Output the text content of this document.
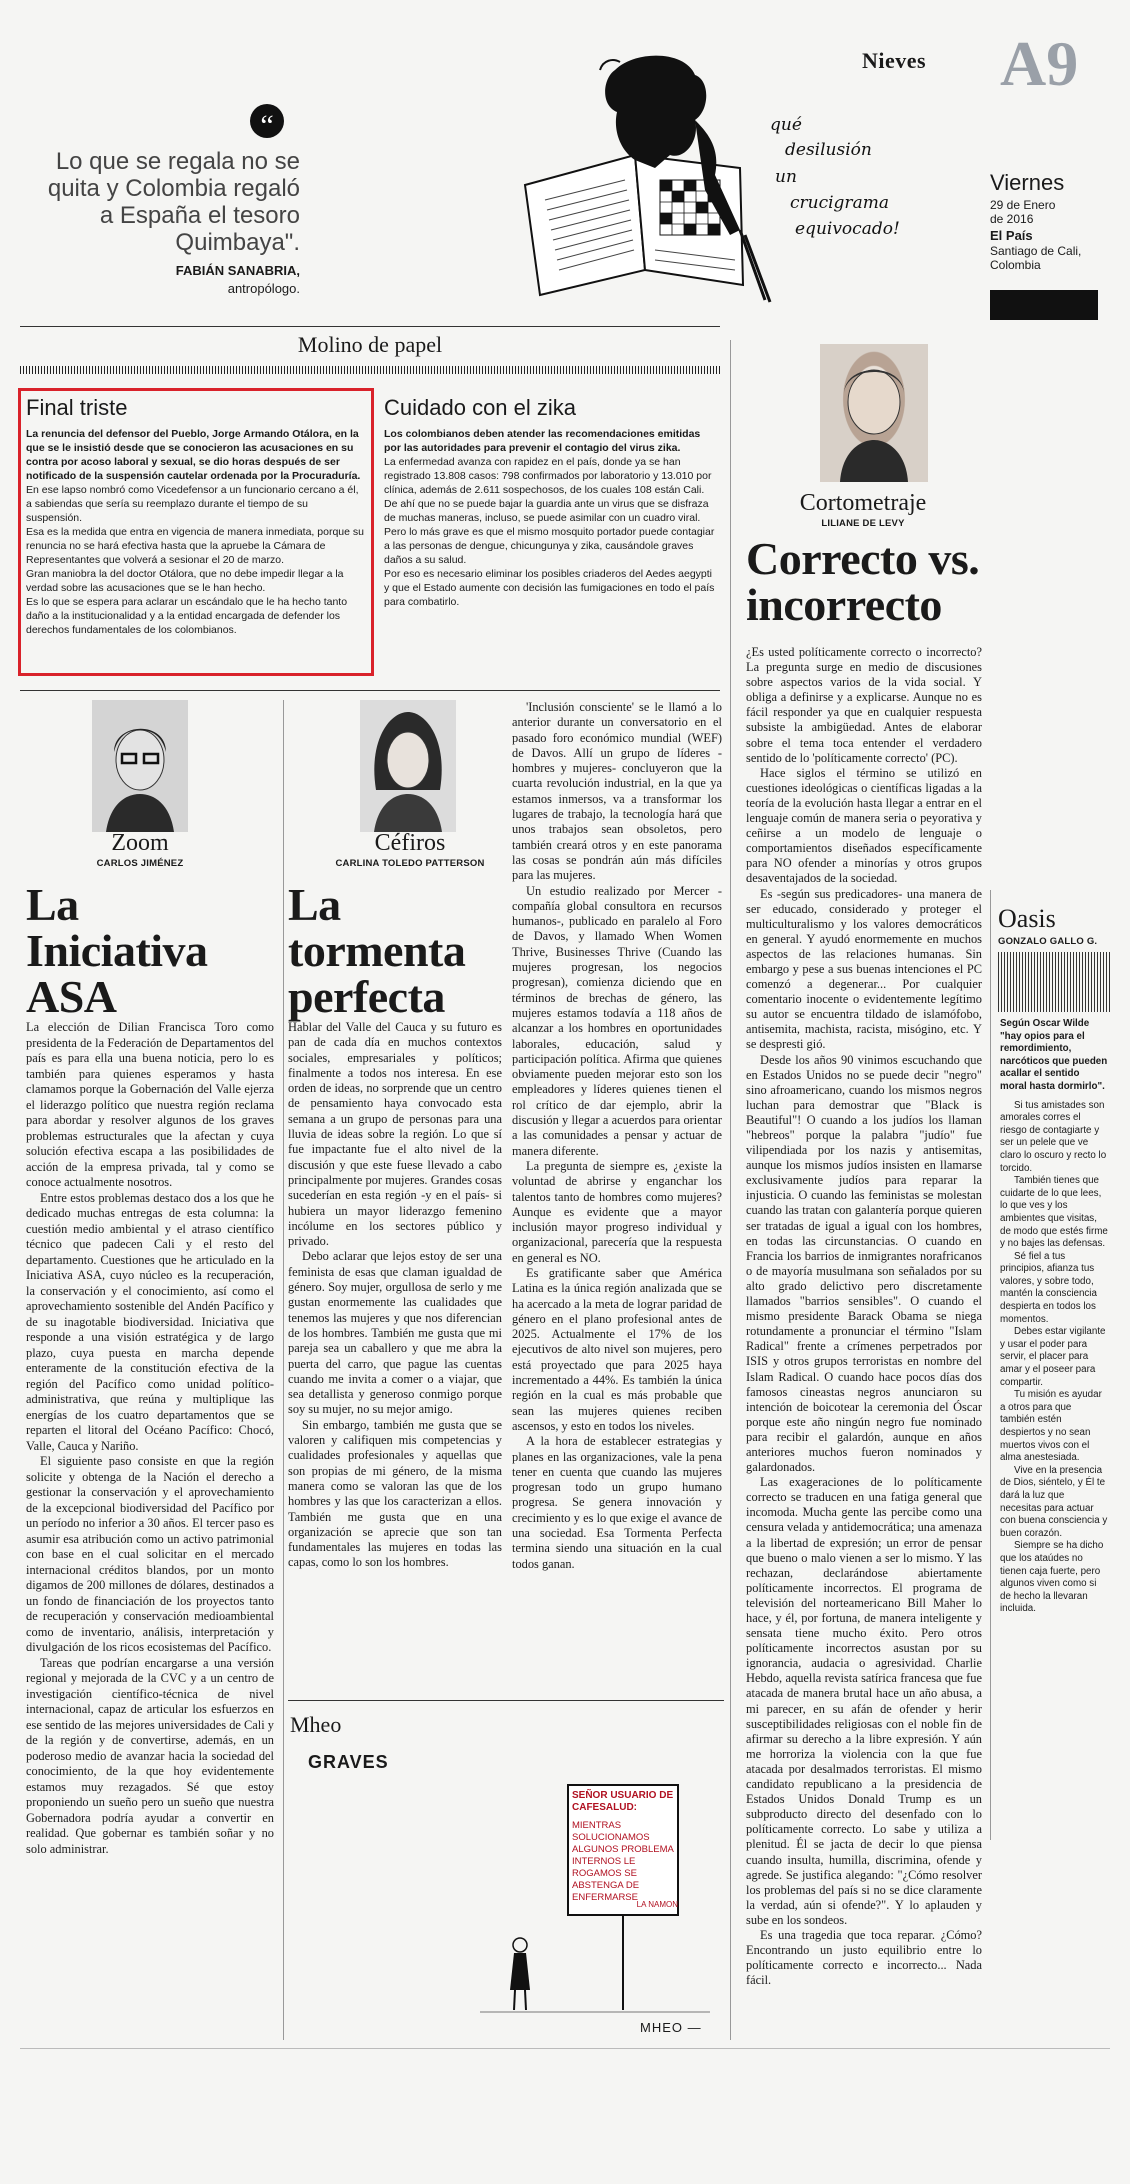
“
Lo que se regala no se quita y Colombia regaló a España el tesoro Quimbaya".
FABIÁN SANABRIA,
antropólogo.
qué
desilusión
un
crucigrama
equivocado!
Nieves A9
Viernes
29 de Enero
de 2016
El País
Santiago de Cali,
Colombia
Molino de papel
Final triste
La renuncia del defensor del Pueblo, Jorge Armando Otálora, en la que se le insistió desde que se conocieron las acusaciones en su contra por acoso laboral y sexual, se dio horas después de ser notificado de la suspensión cautelar ordenada por la Procuraduría.
En ese lapso nombró como Vicedefensor a un funcionario cercano a él, a sabiendas que sería su reemplazo durante el tiempo de su suspensión.
Esa es la medida que entra en vigencia de manera inmediata, porque su renuncia no se hará efectiva hasta que la apruebe la Cámara de Representantes que volverá a sesionar el 20 de marzo.
Gran maniobra la del doctor Otálora, que no debe impedir llegar a la verdad sobre las acusaciones que se le han hecho.
Es lo que se espera para aclarar un escándalo que le ha hecho tanto daño a la institucionalidad y a la entidad encargada de defender los derechos fundamentales de los colombianos.
Cuidado con el zika
Los colombianos deben atender las recomendaciones emitidas por las autoridades para prevenir el contagio del virus zika.
La enfermedad avanza con rapidez en el país, donde ya se han registrado 13.808 casos: 798 confirmados por laboratorio y 13.010 por clínica, además de 2.611 sospechosos, de los cuales 108 están Cali.
De ahí que no se puede bajar la guardia ante un virus que se disfraza de muchas maneras, incluso, se puede asimilar con un cuadro viral.
Pero lo más grave es que el mismo mosquito portador puede contagiar a las personas de dengue, chicungunya y zika, causándole graves daños a su salud.
Por eso es necesario eliminar los posibles criaderos del Aedes aegypti y que el Estado aumente con decisión las fumigaciones en todo el país para combatirlo.
Cortometraje
LILIANE DE LEVY
Correcto vs. incorrecto

¿Es usted políticamente correcto o incorrecto? La pregunta surge en medio de discusiones sobre aspectos varios de la vida social. Y obliga a definirse y a explicarse. Aunque no es fácil responder ya que en cualquier respuesta subsiste la ambigüedad. Antes de elaborar sobre el tema toca entender el verdadero sentido de lo 'políticamente correcto' (PC).

Hace siglos el término se utilizó en cuestiones ideológicas o científicas ligadas a la teoría de la evolución hasta llegar a entrar en el lenguaje común de manera seria o peyorativa y ceñirse a un modelo de lenguaje o comportamientos diseñados específicamente para NO ofender a minorías y otros grupos desaventajados de la sociedad.

Es -según sus predicadores- una manera de ser educado, considerado y proteger el multiculturalismo y los valores democráticos en general. Y ayudó enormemente en muchos aspectos de las relaciones humanas. Sin embargo y pese a sus buenas intenciones el PC comenzó a degenerar... Por cualquier comentario inocente o evidentemente legítimo su autor se encuentra tildado de islamófobo, antisemita, machista, racista, misógino, etc. Y se despresti gió.

Desde los años 90 vinimos escuchando que en Estados Unidos no se puede decir "negro" sino afroamericano, cuando los mismos negros luchan para demostrar que "Black is Beautiful"! O cuando a los judíos los llaman "hebreos" porque la palabra "judío" fue vilipendiada por los nazis y antisemitas, aunque los mismos judíos insisten en llamarse exclusivamente judíos para reparar la injusticia. O cuando las feministas se molestan cuando las tratan con galantería porque quieren ser tratadas de igual a igual con los hombres, en todas las circunstancias. O cuando en Francia los barrios de inmigrantes norafricanos o de mayoría musulmana son señalados por su alto grado delictivo pero discretamente llamados "barrios sensibles". O cuando el mismo presidente Barack Obama se niega rotundamente a pronunciar el término "Islam Radical" frente a crímenes perpetrados por ISIS y otros grupos terroristas en nombre del Islam Radical. O cuando hace pocos días dos famosos cineastas negros anunciaron su intención de boicotear la ceremonia del Óscar porque este año ningún negro fue nominado para recibir el galardón, aunque en años anteriores muchos fueron nominados y galardonados.

Las exageraciones de lo políticamente correcto se traducen en una fatiga general que incomoda. Mucha gente las percibe como una censura velada y antidemocrática; una amenaza a la libertad de expresión; un error de pensar que bueno o malo vienen a ser lo mismo. Y las rechazan, declarándose abiertamente políticamente incorrectos. El programa de televisión del norteamericano Bill Maher lo hace, y él, por fortuna, de manera inteligente y sensata tiene mucho éxito. Pero otros políticamente incorrectos asustan por su ignorancia, audacia o agresividad. Charlie Hebdo, aquella revista satírica francesa que fue atacada de manera brutal hace un año abusa, a mi parecer, en su afán de ofender y herir susceptibilidades religiosas con el noble fin de afirmar su derecho a la libre expresión. Y aún me horroriza la violencia con la que fue atacada por desalmados terroristas. El mismo candidato republicano a la presidencia de Estados Unidos Donald Trump es un subproducto directo del desenfado con lo políticamente correcto. Lo sabe y utiliza a plenitud. Él se jacta de decir lo que piensa cuando insulta, humilla, discrimina, ofende y agrede. Se justifica alegando: "¿Cómo resolver los problemas del país si no se dice claramente la verdad, aún si ofende?". Y lo aplauden y sube en los sondeos.

Es una tragedia que toca reparar. ¿Cómo? Encontrando un justo equilibrio entre lo políticamente correcto e incorrecto... Nada fácil.

Oasis
GONZALO GALLO G.
Según Oscar Wilde "hay opios para el remordimiento, narcóticos que pueden acallar el sentido moral hasta dormirlo".

Si tus amistades son amorales corres el riesgo de contagiarte y ser un pelele que ve claro lo oscuro y recto lo torcido.

También tienes que cuidarte de lo que lees, lo que ves y los ambientes que visitas, de modo que estés firme y no bajes las defensas.

Sé fiel a tus principios, afianza tus valores, y sobre todo, mantén la consciencia despierta en todos los momentos.

Debes estar vigilante y usar el poder para servir, el placer para amar y el poseer para compartir.

Tu misión es ayudar a otros para que también estén despiertos y no sean muertos vivos con el alma anestesiada.

Vive en la presencia de Dios, siéntelo, y Él te dará la luz que necesitas para actuar con buena consciencia y buen corazón.

Siempre se ha dicho que los ataúdes no tienen caja fuerte, pero algunos viven como si de hecho la llevaran incluida.

Zoom
CARLOS JIMÉNEZ
La Iniciativa ASA

La elección de Dilian Francisca Toro como presidenta de la Federación de Departamentos del país es para ella una buena noticia, pero lo es también para quienes esperamos y hasta clamamos porque la Gobernación del Valle ejerza el liderazgo político que nuestra región reclama para abordar y resolver algunos de los graves problemas estructurales que la afectan y cuya solución efectiva escapa a las posibilidades de acción de la empresa privada, tal y como se conoce actualmente nosotros.

Entre estos problemas destaco dos a los que he dedicado muchas entregas de esta columna: la cuestión medio ambiental y el atraso científico técnico que padecen Cali y el resto del departamento. Cuestiones que he articulado en la Iniciativa ASA, cuyo núcleo es la recuperación, la conservación y el conocimiento, así como el aprovechamiento sostenible del Andén Pacífico y de su inagotable biodiversidad. Iniciativa que responde a una visión estratégica y de largo plazo, cuya puesta en marcha depende enteramente de la constitución efectiva de la región del Pacífico como unidad político-administrativa, que reúna y multiplique las energías de los cuatro departamentos que se reparten el litoral del Océano Pacífico: Chocó, Valle, Cauca y Nariño.

El siguiente paso consiste en que la región solicite y obtenga de la Nación el derecho a gestionar la conservación y el aprovechamiento de la excepcional biodiversidad del Pacífico por un período no inferior a 30 años. El tercer paso es asumir esa atribución como un activo patrimonial con base en el cual solicitar en el mercado internacional créditos blandos, por un monto digamos de 200 millones de dólares, destinados a un fondo de financiación de los proyectos tanto de recuperación y conservación medioambiental como de inventario, análisis, interpretación y divulgación de los ricos ecosistemas del Pacífico.

Tareas que podrían encargarse a una versión regional y mejorada de la CVC y a un centro de investigación científico-técnica de nivel internacional, capaz de articular los esfuerzos en ese sentido de las mejores universidades de Cali y de la región y de convertirse, además, en un poderoso medio de avanzar hacia la sociedad del conocimiento, de la que hoy evidentemente estamos muy rezagados. Sé que estoy proponiendo un sueño pero un sueño que nuestra Gobernadora podría ayudar a convertir en realidad. Que gobernar es también soñar y no solo administrar.

Céfiros
CARLINA TOLEDO PATTERSON
La tormenta perfecta

Hablar del Valle del Cauca y su futuro es pan de cada día en muchos contextos sociales, empresariales y políticos; finalmente a todos nos interesa. En ese orden de ideas, no sorprende que un centro de pensamiento haya convocado esta semana a un grupo de personas para una lluvia de ideas sobre la región. Lo que sí fue impactante fue el alto nivel de la discusión y que este fuese llevado a cabo principalmente por mujeres. Grandes cosas sucederían en esta región -y en el país- si hubiera un mayor liderazgo femenino incólume en los sectores público y privado.

Debo aclarar que lejos estoy de ser una feminista de esas que claman igualdad de género. Soy mujer, orgullosa de serlo y me gustan enormemente las cualidades que tenemos las mujeres y que nos diferencian de los hombres. También me gusta que mi pareja sea un caballero y que me abra la puerta del carro, que pague las cuentas cuando me invita a comer o a viajar, que sea detallista y generoso conmigo porque soy su mujer, no su mejor amigo.

Sin embargo, también me gusta que se valoren y califiquen mis competencias y cualidades profesionales y aquellas que son propias de mi género, de la misma manera como se valoran las que de los hombres y las que los caracterizan a ellos. También me gusta que en una organización se aprecie que son tan fundamentales las mujeres en todas las capas, como lo son los hombres.

'Inclusión consciente' se le llamó a lo anterior durante un conversatorio en el pasado foro económico mundial (WEF) de Davos. Allí un grupo de líderes -hombres y mujeres- concluyeron que la cuarta revolución industrial, en la que ya estamos inmersos, va a transformar los lugares de trabajo, la tecnología hará que unos trabajos sean obsoletos, pero también creará otros y en este panorama las cosas se pondrán aún más difíciles para las mujeres.

Un estudio realizado por Mercer -compañía global consultora en recursos humanos-, publicado en paralelo al Foro de Davos, y llamado When Women Thrive, Businesses Thrive (Cuando las mujeres progresan, los negocios progresan), comienza diciendo que en términos de brechas de género, las mujeres estamos todavía a 118 años de alcanzar a los hombres en oportunidades laborales, educación, salud y participación política. Afirma que quienes obviamente pueden mejorar esto son los empleadores y líderes quienes tienen el rol crítico de dar ejemplo, abrir la discusión y llegar a acuerdos para orientar a las comunidades a pensar y actuar de manera diferente.

La pregunta de siempre es, ¿existe la voluntad de abrirse y enganchar los talentos tanto de hombres como mujeres? Aunque es evidente que a mayor inclusión mayor progreso individual y organizacional, parecería que la respuesta en general es NO.

Es gratificante saber que América Latina es la única región analizada que se ha acercado a la meta de lograr paridad de género en el plano profesional antes de 2025. Actualmente el 17% de los ejecutivos de alto nivel son mujeres, pero está proyectado que para 2025 haya incrementado a 44%. Es también la única región en la cual es más probable que sean las mujeres quienes reciben ascensos, y esto en todos los niveles.

A la hora de establecer estrategias y planes en las organizaciones, vale la pena tener en cuenta que cuando las mujeres progresan todo un grupo humano progresa. Se genera innovación y crecimiento y es lo que exige el avance de una sociedad. Esa Tormenta Perfecta termina siendo una situación en la cual todos ganan.

Mheo
GRAVES
SEÑOR USUARIO DE CAFESALUD:
MIENTRAS SOLUCIONAMOS ALGUNOS PROBLEMA INTERNOS LE ROGAMOS SE ABSTENGA DE ENFERMARSE
LA NAMON
MHEO —
